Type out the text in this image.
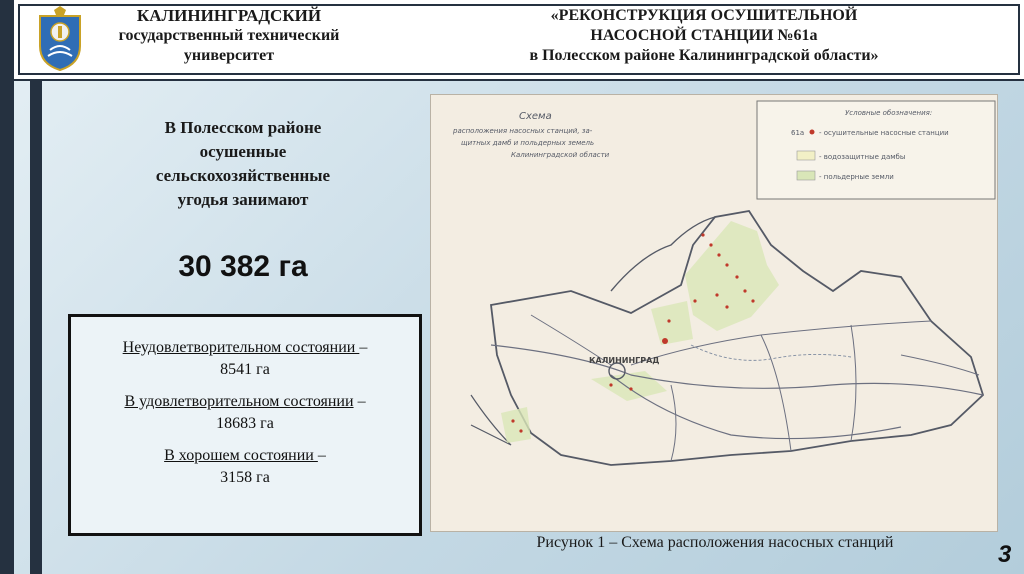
КАЛИНИНГРАДСКИЙ
государственный технический
университет
«РЕКОНСТРУКЦИЯ ОСУШИТЕЛЬНОЙ
НАСОСНОЙ СТАНЦИИ №61а
в Полесском районе Калининградской области»
В Полесском районе
осушенные
сельскохозяйственные
угодья занимают
30 382 га
Неудовлетворительном состоянии –
8541 га
В удовлетворительном состоянии –
18683 га
В хорошем состоянии –
3158 га
Схема
расположения насосных станций, за-
щитных дамб и польдерных земель
Калининградской области
Условные обозначения:
61а - осушительные насосные станции
- водозащитные дамбы
- польдерные земли
КАЛИНИНГРАД
Рисунок 1 – Схема расположения насосных станций	3
